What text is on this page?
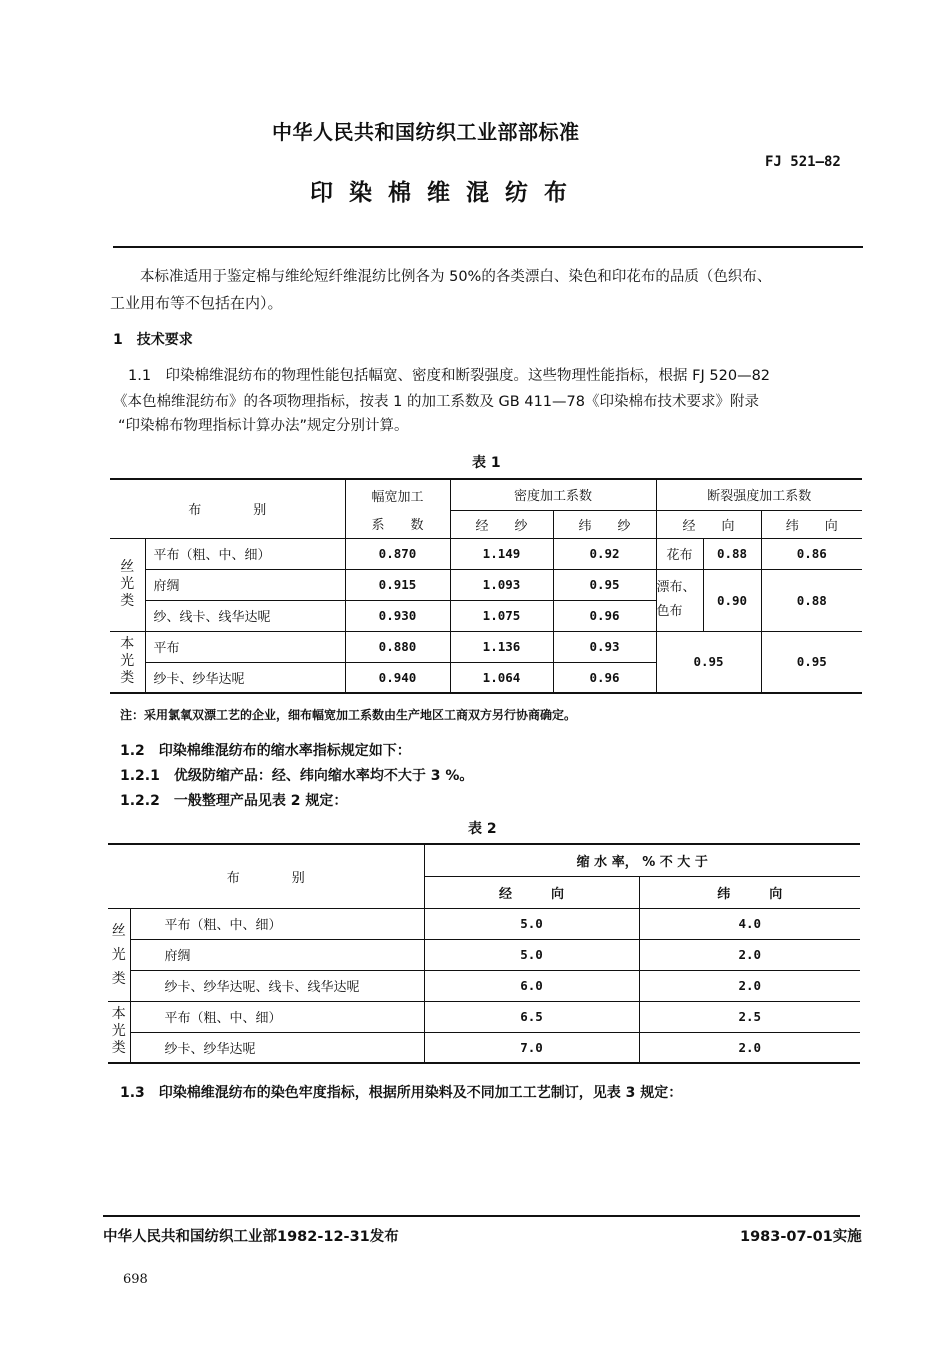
中华人民共和国纺织工业部部标准
FJ 521—82
印 染 棉 维 混 纺 布
本标准适用于鉴定棉与维纶短纤维混纺比例各为 50%的各类漂白、染色和印花布的品质（色织布、
工业用布等不包括在内）。
1　技术要求
1.1　印染棉维混纺布的物理性能包括幅宽、密度和断裂强度。这些物理性能指标，根据 FJ 520—82
《本色棉维混纺布》的各项物理指标，按表 1 的加工系数及 GB 411—78《印染棉布技术要求》附录
“印染棉布物理指标计算办法”规定分别计算。
表 1
布　　　　别		幅宽加工	密度加工系数		断裂强度加工系数		
		系　　数	经　　纱	纬　　纱	经　　向		纬　　向

丝光类	平布（粗、中、细）	0.870	1.149	0.92	花布	0.88	0.86
	府绸	0.915	1.093	0.95	漂布、色布	0.90	0.88
	纱、线卡、线华达呢	0.930	1.075	0.96			

本光类	平布	0.880	1.136	0.93	0.95		0.95
	纱卡、纱华达呢	0.940	1.064	0.96			
注：采用氯氧双漂工艺的企业，细布幅宽加工系数由生产地区工商双方另行协商确定。
1.2　印染棉维混纺布的缩水率指标规定如下：
1.2.1　优级防缩产品：经、纬向缩水率均不大于 3 %。
1.2.2　一般整理产品见表 2 规定：
表 2
布　　　　别		缩 水 率， % 不 大 于	
		经　　　向	纬　　　向

丝光类	平布（粗、中、细）	5.0	4.0
	府绸	5.0	2.0
	纱卡、纱华达呢、线卡、线华达呢	6.0	2.0

本光类	平布（粗、中、细）	6.5	2.5
	纱卡、纱华达呢	7.0	2.0
1.3　印染棉维混纺布的染色牢度指标，根据所用染料及不同加工工艺制订，见表 3 规定：
中华人民共和国纺织工业部1982-12-31发布	1983-07-01实施
698
